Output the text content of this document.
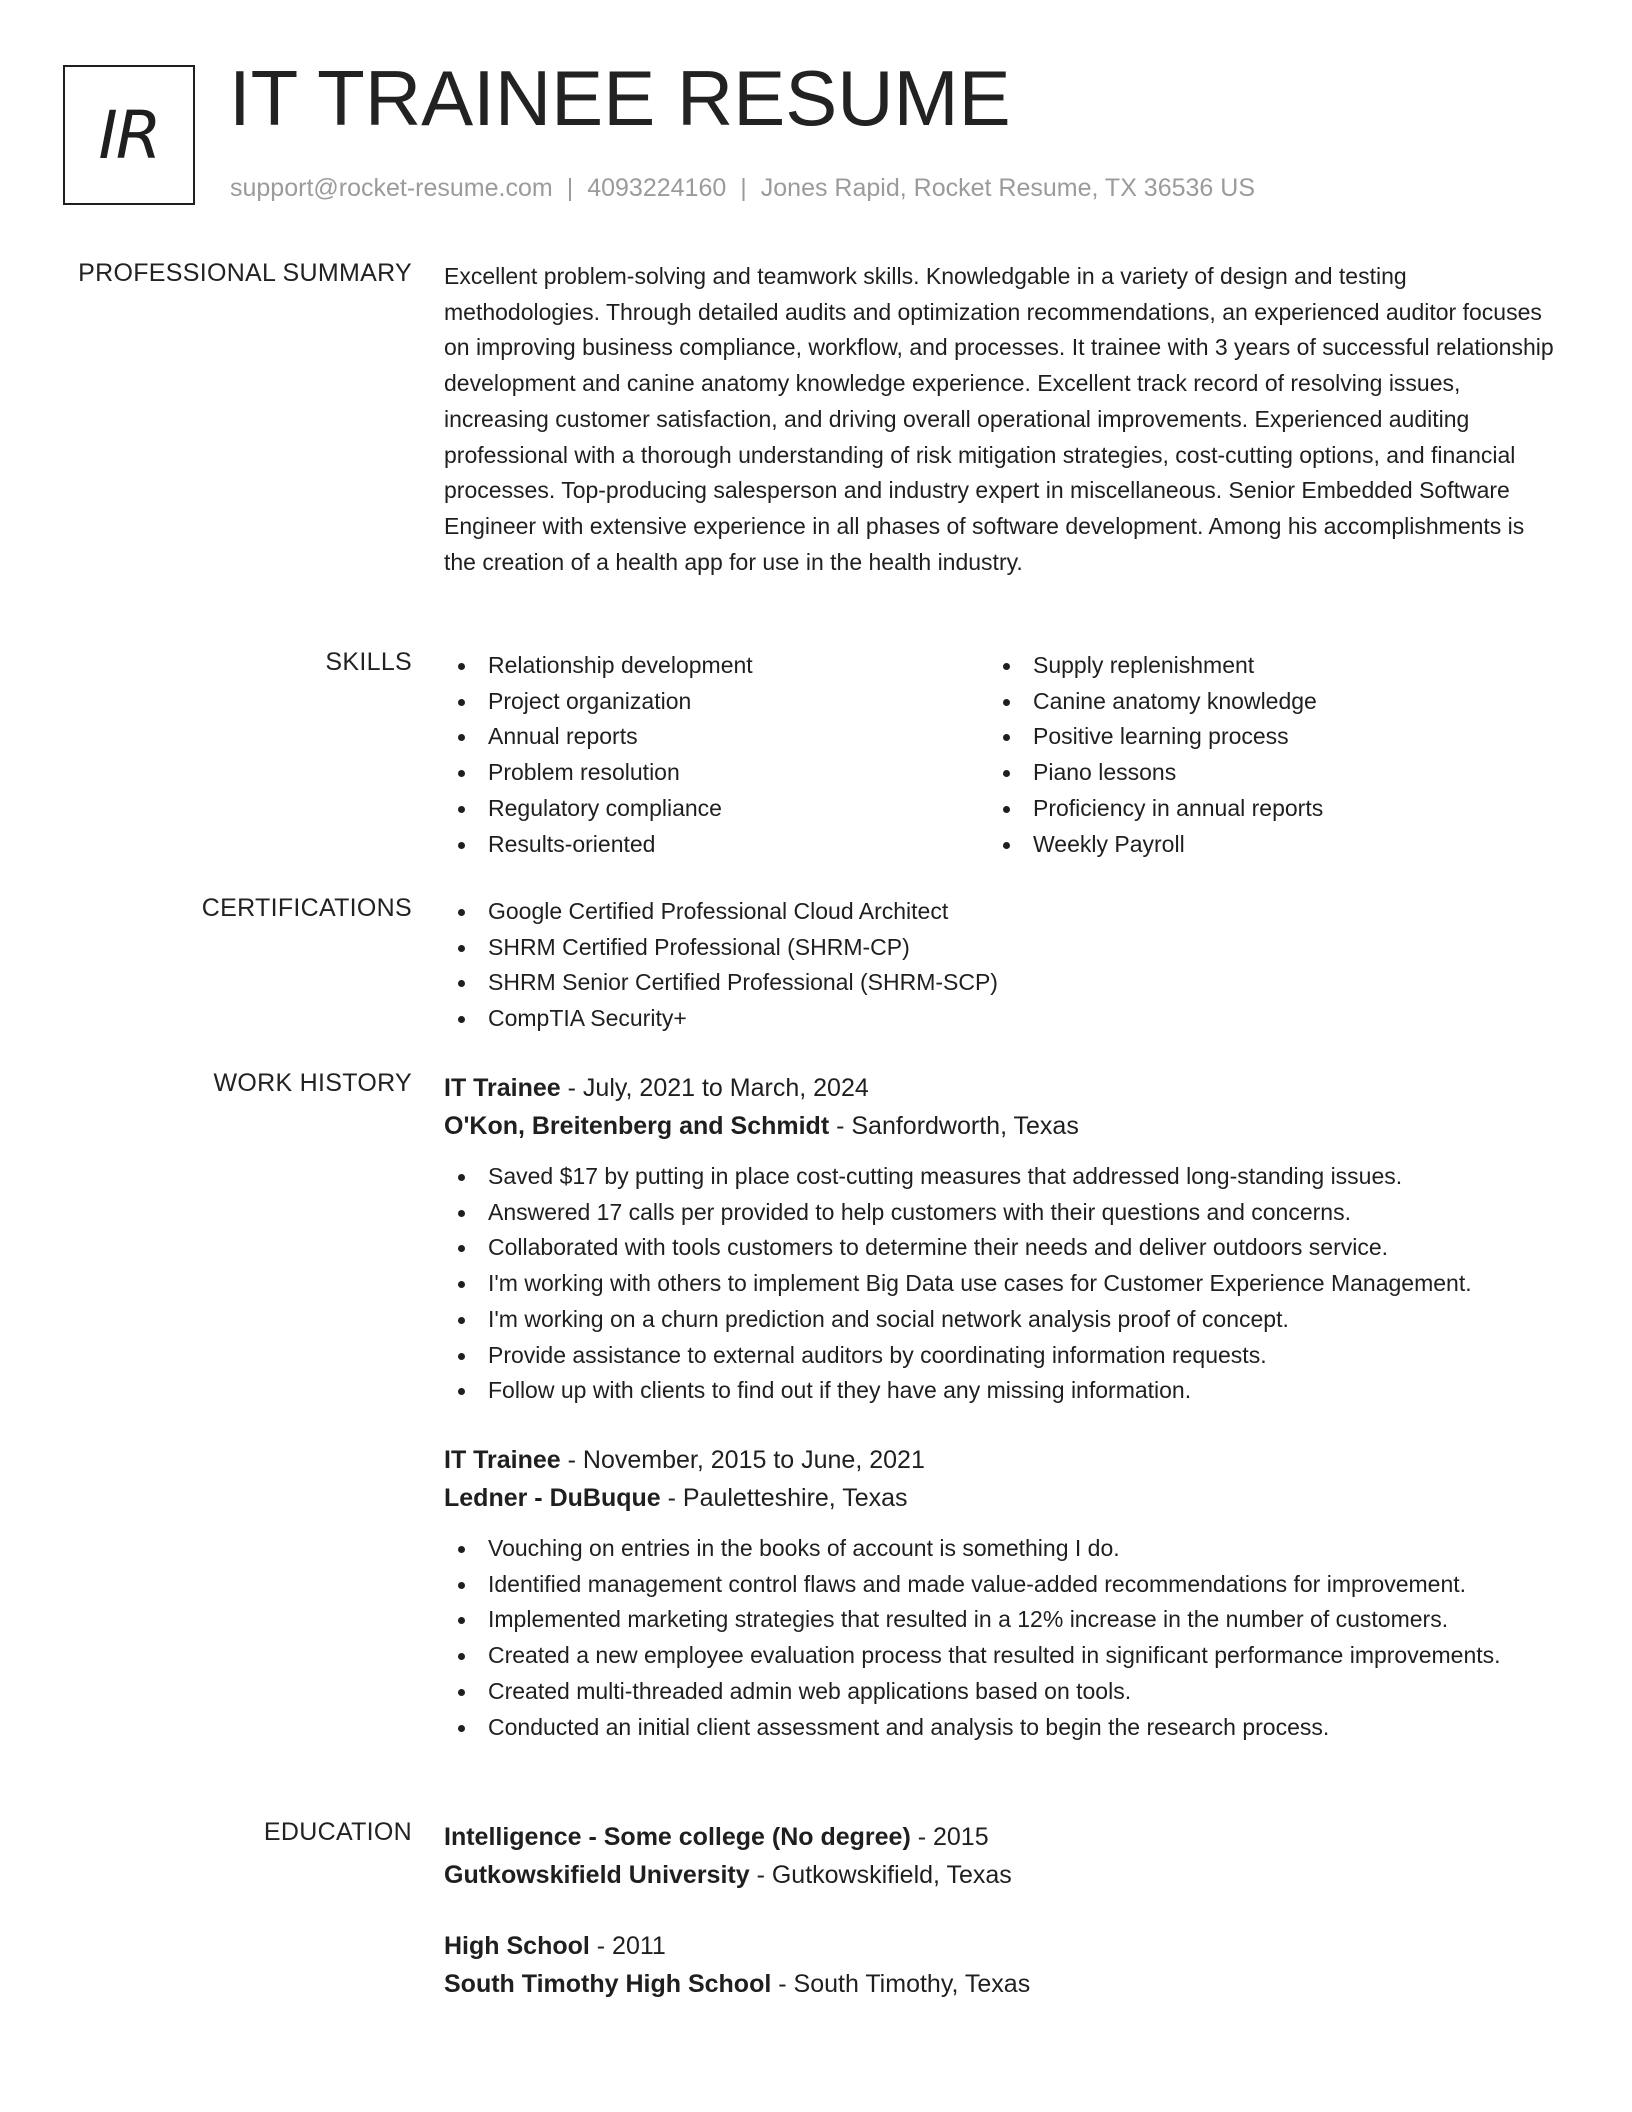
IR IT TRAINEE RESUME
support@rocket-resume.com | 4093224160 | Jones Rapid, Rocket Resume, TX 36536 US
PROFESSIONAL SUMMARY Excellent problem-solving and teamwork skills. Knowledgable in a variety of design and testing methodologies. Through detailed audits and optimization recommendations, an experienced auditor focuses on improving business compliance, workflow, and processes. It trainee with 3 years of successful relationship development and canine anatomy knowledge experience. Excellent track record of resolving issues, increasing customer satisfaction, and driving overall operational improvements. Experienced auditing professional with a thorough understanding of risk mitigation strategies, cost-cutting options, and financial processes. Top-producing salesperson and industry expert in miscellaneous. Senior Embedded Software Engineer with extensive experience in all phases of software development. Among his accomplishments is the creation of a health app for use in the health industry.
SKILLS	Relationship development
Project organization
Annual reports
Problem resolution
Regulatory compliance
Results-oriented
Supply replenishment
Canine anatomy knowledge
Positive learning process
Piano lessons
Proficiency in annual reports
Weekly Payroll
CERTIFICATIONS	Google Certified Professional Cloud Architect
SHRM Certified Professional (SHRM-CP)
SHRM Senior Certified Professional (SHRM-SCP)
CompTIA Security+
WORK HISTORY IT Trainee - July, 2021 to March, 2024
O'Kon, Breitenberg and Schmidt - Sanfordworth, Texas
Saved $17 by putting in place cost-cutting measures that addressed long-standing issues.
Answered 17 calls per provided to help customers with their questions and concerns.
Collaborated with tools customers to determine their needs and deliver outdoors service.
I'm working with others to implement Big Data use cases for Customer Experience Management.
I'm working on a churn prediction and social network analysis proof of concept.
Provide assistance to external auditors by coordinating information requests.
Follow up with clients to find out if they have any missing information.
IT Trainee - November, 2015 to June, 2021
Ledner - DuBuque - Pauletteshire, Texas
Vouching on entries in the books of account is something I do.
Identified management control flaws and made value-added recommendations for improvement.
Implemented marketing strategies that resulted in a 12% increase in the number of customers.
Created a new employee evaluation process that resulted in significant performance improvements.
Created multi-threaded admin web applications based on tools.
Conducted an initial client assessment and analysis to begin the research process.
EDUCATION Intelligence - Some college (No degree) - 2015
Gutkowskifield University - Gutkowskifield, Texas
High School - 2011
South Timothy High School - South Timothy, Texas
